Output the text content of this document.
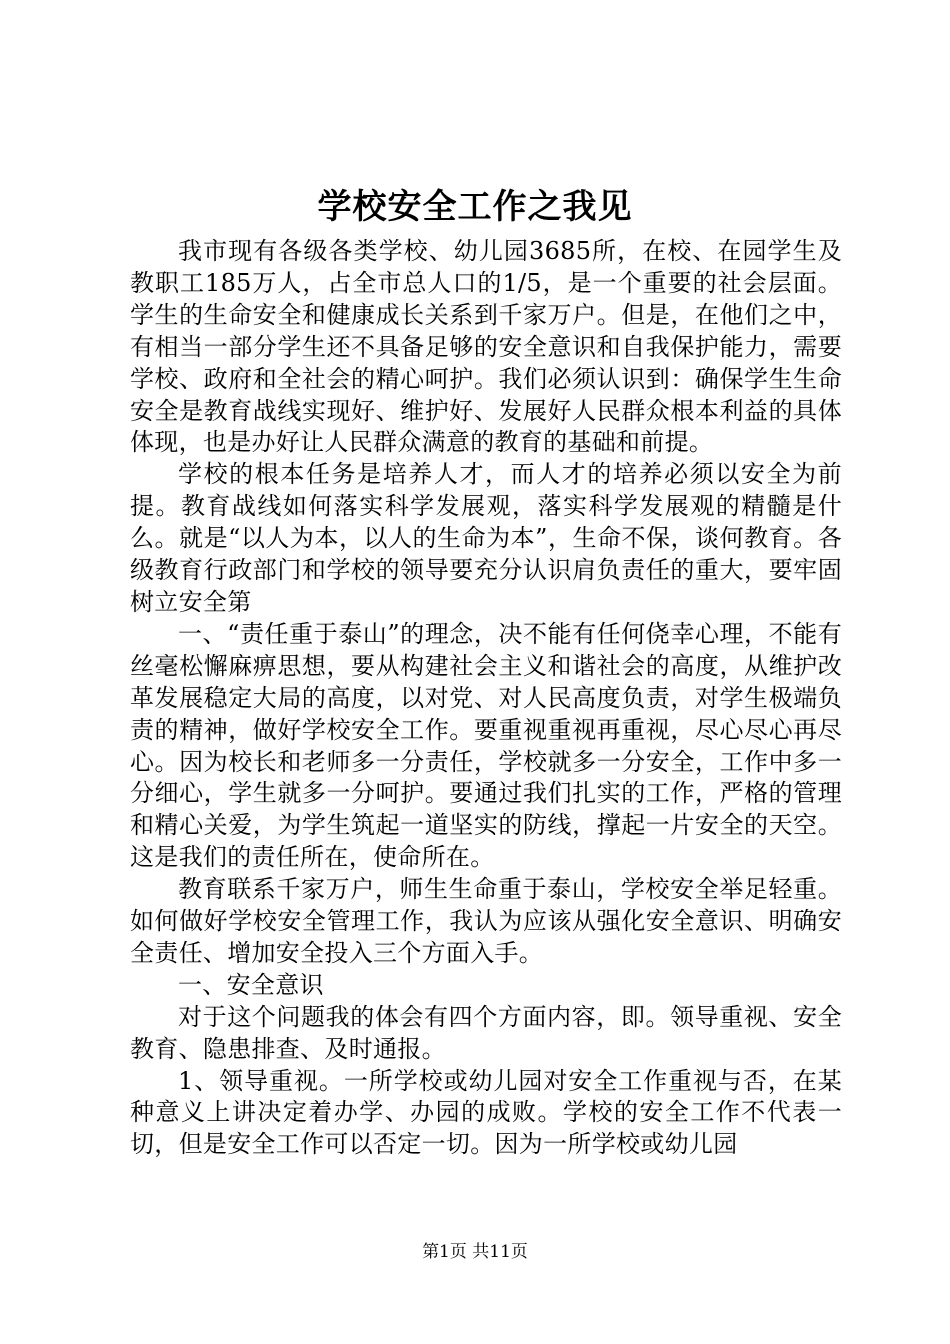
学校安全工作之我见

我市现有各级各类学校、幼儿园3685所，在校、在园学生及教职工185万人，占全市总人口的1/5，是一个重要的社会层面。学生的生命安全和健康成长关系到千家万户。但是，在他们之中，有相当一部分学生还不具备足够的安全意识和自我保护能力，需要学校、政府和全社会的精心呵护。我们必须认识到：确保学生生命安全是教育战线实现好、维护好、发展好人民群众根本利益的具体体现，也是办好让人民群众满意的教育的基础和前提。

学校的根本任务是培养人才，而人才的培养必须以安全为前提。教育战线如何落实科学发展观，落实科学发展观的精髓是什么。就是“以人为本，以人的生命为本”，生命不保，谈何教育。各级教育行政部门和学校的领导要充分认识肩负责任的重大，要牢固树立安全第

一、“责任重于泰山”的理念，决不能有任何侥幸心理，不能有丝毫松懈麻痹思想，要从构建社会主义和谐社会的高度，从维护改革发展稳定大局的高度，以对党、对人民高度负责，对学生极端负责的精神，做好学校安全工作。要重视重视再重视，尽心尽心再尽心。因为校长和老师多一分责任，学校就多一分安全，工作中多一分细心，学生就多一分呵护。要通过我们扎实的工作，严格的管理和精心关爱，为学生筑起一道坚实的防线，撑起一片安全的天空。这是我们的责任所在，使命所在。

教育联系千家万户，师生生命重于泰山，学校安全举足轻重。如何做好学校安全管理工作，我认为应该从强化安全意识、明确安全责任、增加安全投入三个方面入手。

一、安全意识

对于这个问题我的体会有四个方面内容，即。领导重视、安全教育、隐患排查、及时通报。

1、领导重视。一所学校或幼儿园对安全工作重视与否，在某种意义上讲决定着办学、办园的成败。学校的安全工作不代表一切，但是安全工作可以否定一切。因为一所学校或幼儿园

第1页 共11页
